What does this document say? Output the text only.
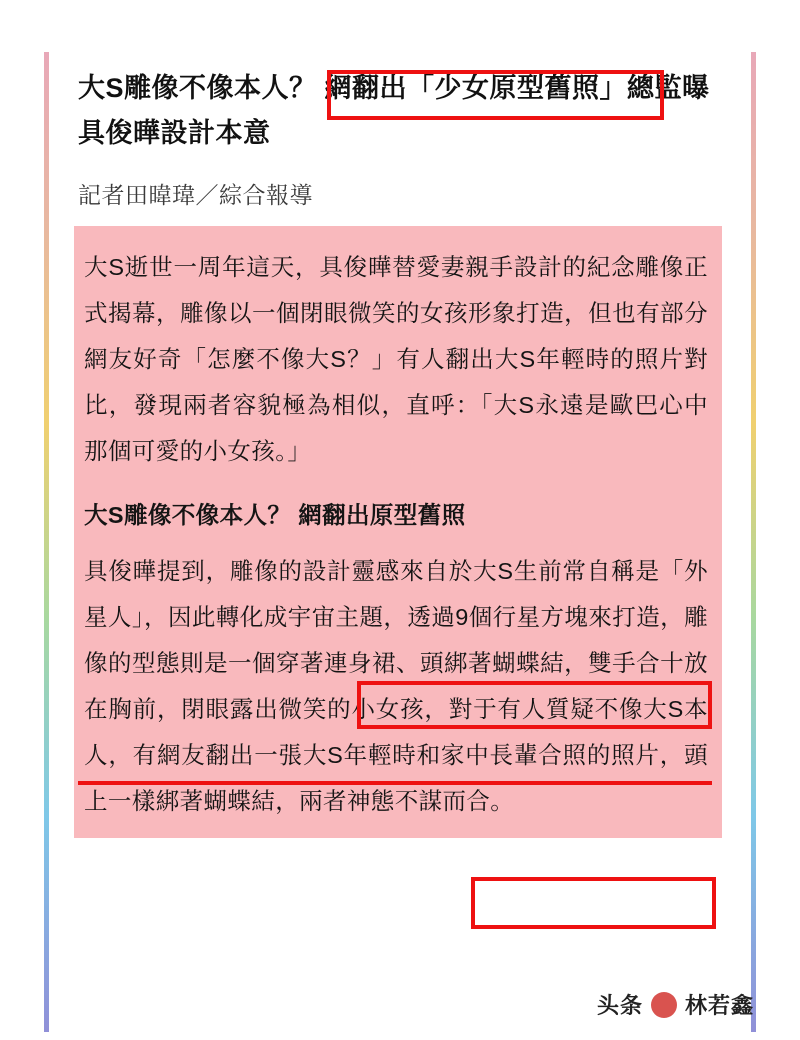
大S雕像不像本人？ 網翻出「少女原型舊照」總監曝具俊曄設計本意
記者田暐瑋／綜合報導
大S逝世一周年這天，具俊曄替愛妻親手設計的紀念雕像正式揭幕，雕像以一個閉眼微笑的女孩形象打造，但也有部分網友好奇「怎麼不像大S？」有人翻出大S年輕時的照片對比，發現兩者容貌極為相似，直呼：「大S永遠是歐巴心中那個可愛的小女孩。」
大S雕像不像本人？ 網翻出原型舊照
具俊曄提到，雕像的設計靈感來自於大S生前常自稱是「外星人」，因此轉化成宇宙主題，透過9個行星方塊來打造，雕像的型態則是一個穿著連身裙、頭綁著蝴蝶結，雙手合十放在胸前，閉眼露出微笑的小女孩，對于有人質疑不像大S本人，有網友翻出一張大S年輕時和家中長輩合照的照片，頭上一樣綁著蝴蝶結，兩者神態不謀而合。
头条 林若鑫
